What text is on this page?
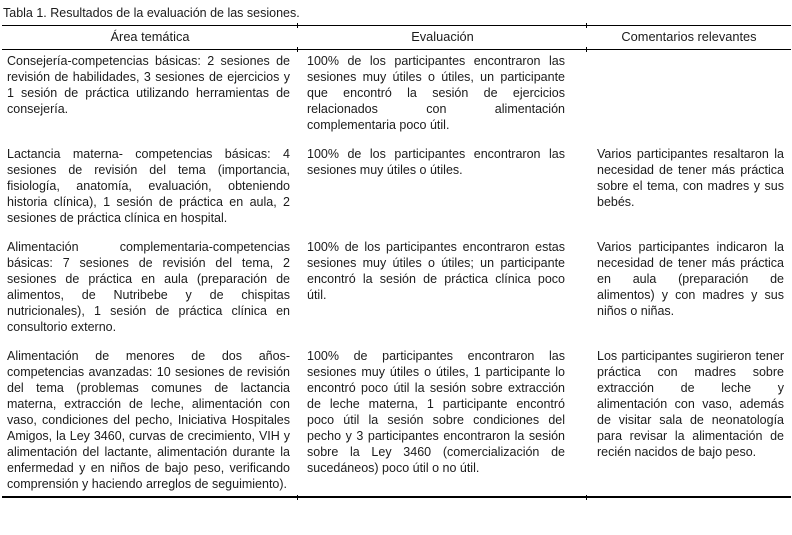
Tabla 1. Resultados de la evaluación de las sesiones.
Área temática	Evaluación	Comentarios relevantes
Consejería-competencias básicas: 2 sesiones de revisión de habilidades, 3 sesiones de ejercicios y 1 sesión de práctica utilizando herramientas de consejería.	100% de los participantes encontraron las sesiones muy útiles o útiles, un participante que encontró la sesión de ejercicios relacionados con alimentación complementaria poco útil.	
Lactancia materna- competencias básicas: 4 sesiones de revisión del tema (importancia, fisiología, anatomía, evaluación, obteniendo historia clínica), 1 sesión de práctica en aula, 2 sesiones de práctica clínica en hospital.	100% de los participantes encontraron las sesiones muy útiles o útiles.	Varios participantes resaltaron la necesidad de tener más práctica sobre el tema, con madres y sus bebés.
Alimentación complementaria-competencias básicas: 7 sesiones de revisión del tema, 2 sesiones de práctica en aula (preparación de alimentos, de Nutribebe y de chispitas nutricionales), 1 sesión de práctica clínica en consultorio externo.	100% de los participantes encontraron estas sesiones muy útiles o útiles; un participante encontró la sesión de práctica clínica poco útil.	Varios participantes indicaron la necesidad de tener más práctica en aula (preparación de alimentos) y con madres y sus niños o niñas.
Alimentación de menores de dos años-competencias avanzadas: 10 sesiones de revisión del tema (problemas comunes de lactancia materna, extracción de leche, alimentación con vaso, condiciones del pecho, Iniciativa Hospitales Amigos, la Ley 3460, curvas de crecimiento, VIH y alimentación del lactante, alimentación durante la enfermedad y en niños de bajo peso, verificando comprensión y haciendo arreglos de seguimiento).	100% de participantes encontraron las sesiones muy útiles o útiles, 1 participante lo encontró poco útil la sesión sobre extracción de leche materna, 1 participante encontró poco útil la sesión sobre condiciones del pecho y 3 participantes encontraron la sesión sobre la Ley 3460 (comercialización de sucedáneos) poco útil o no útil.	Los participantes sugirieron tener práctica con madres sobre extracción de leche y alimentación con vaso, además de visitar sala de neonatología para revisar la alimentación de recién nacidos de bajo peso.
